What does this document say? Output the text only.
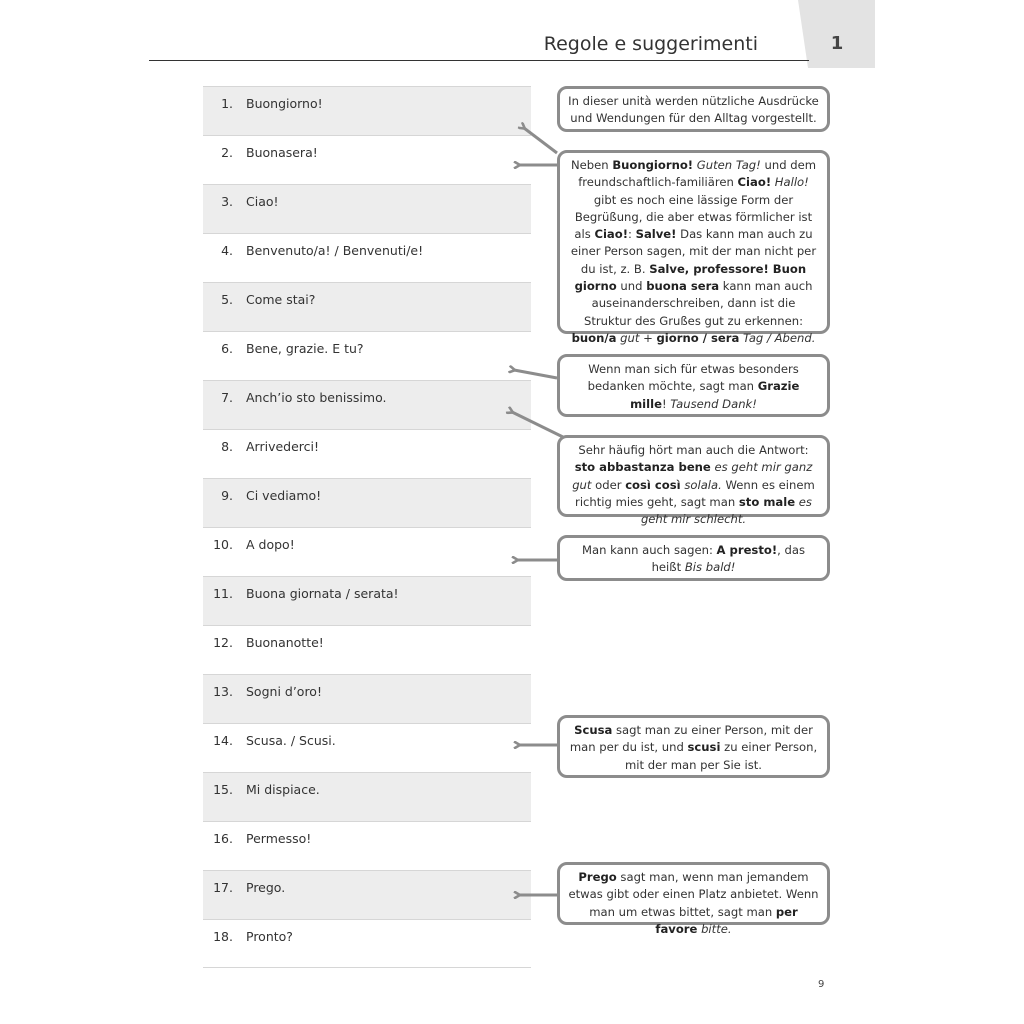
1
Regole e suggerimenti
1. Buongiorno!
2. Buonasera!
3. Ciao!
4. Benvenuto/a! / Benvenuti/e!
5. Come stai?
6. Bene, grazie. E tu?
7. Anch’io sto benissimo.
8. Arrivederci!
9. Ci vediamo!
10. A dopo!
11. Buona giornata / serata!
12. Buonanotte!
13. Sogni d’oro!
14. Scusa. / Scusi.
15. Mi dispiace.
16. Permesso!
17. Prego.
18. Pronto?
In dieser unità werden nützliche Ausdrücke und Wendungen für den Alltag vorgestellt.
Neben Buongiorno! Guten Tag! und dem freundschaftlich-familiären Ciao! Hallo! gibt es noch eine lässige Form der Begrüßung, die aber etwas förmlicher ist als Ciao!: Salve! Das kann man auch zu einer Person sagen, mit der man nicht per du ist, z. B. Salve, professore! Buon giorno und buona sera kann man auch auseinanderschreiben, dann ist die Struktur des Grußes gut zu erkennen: buon/a gut + giorno / sera Tag / Abend.
Wenn man sich für etwas besonders bedanken möchte, sagt man Grazie mille! Tausend Dank!
Sehr häufig hört man auch die Antwort: sto abbastanza bene es geht mir ganz gut oder così così solala. Wenn es einem richtig mies geht, sagt man sto male es geht mir schlecht.
Man kann auch sagen: A presto!, das heißt Bis bald!
Scusa sagt man zu einer Person, mit der man per du ist, und scusi zu einer Person, mit der man per Sie ist.
Prego sagt man, wenn man jemandem etwas gibt oder einen Platz anbietet. Wenn man um etwas bittet, sagt man per favore bitte.
9
